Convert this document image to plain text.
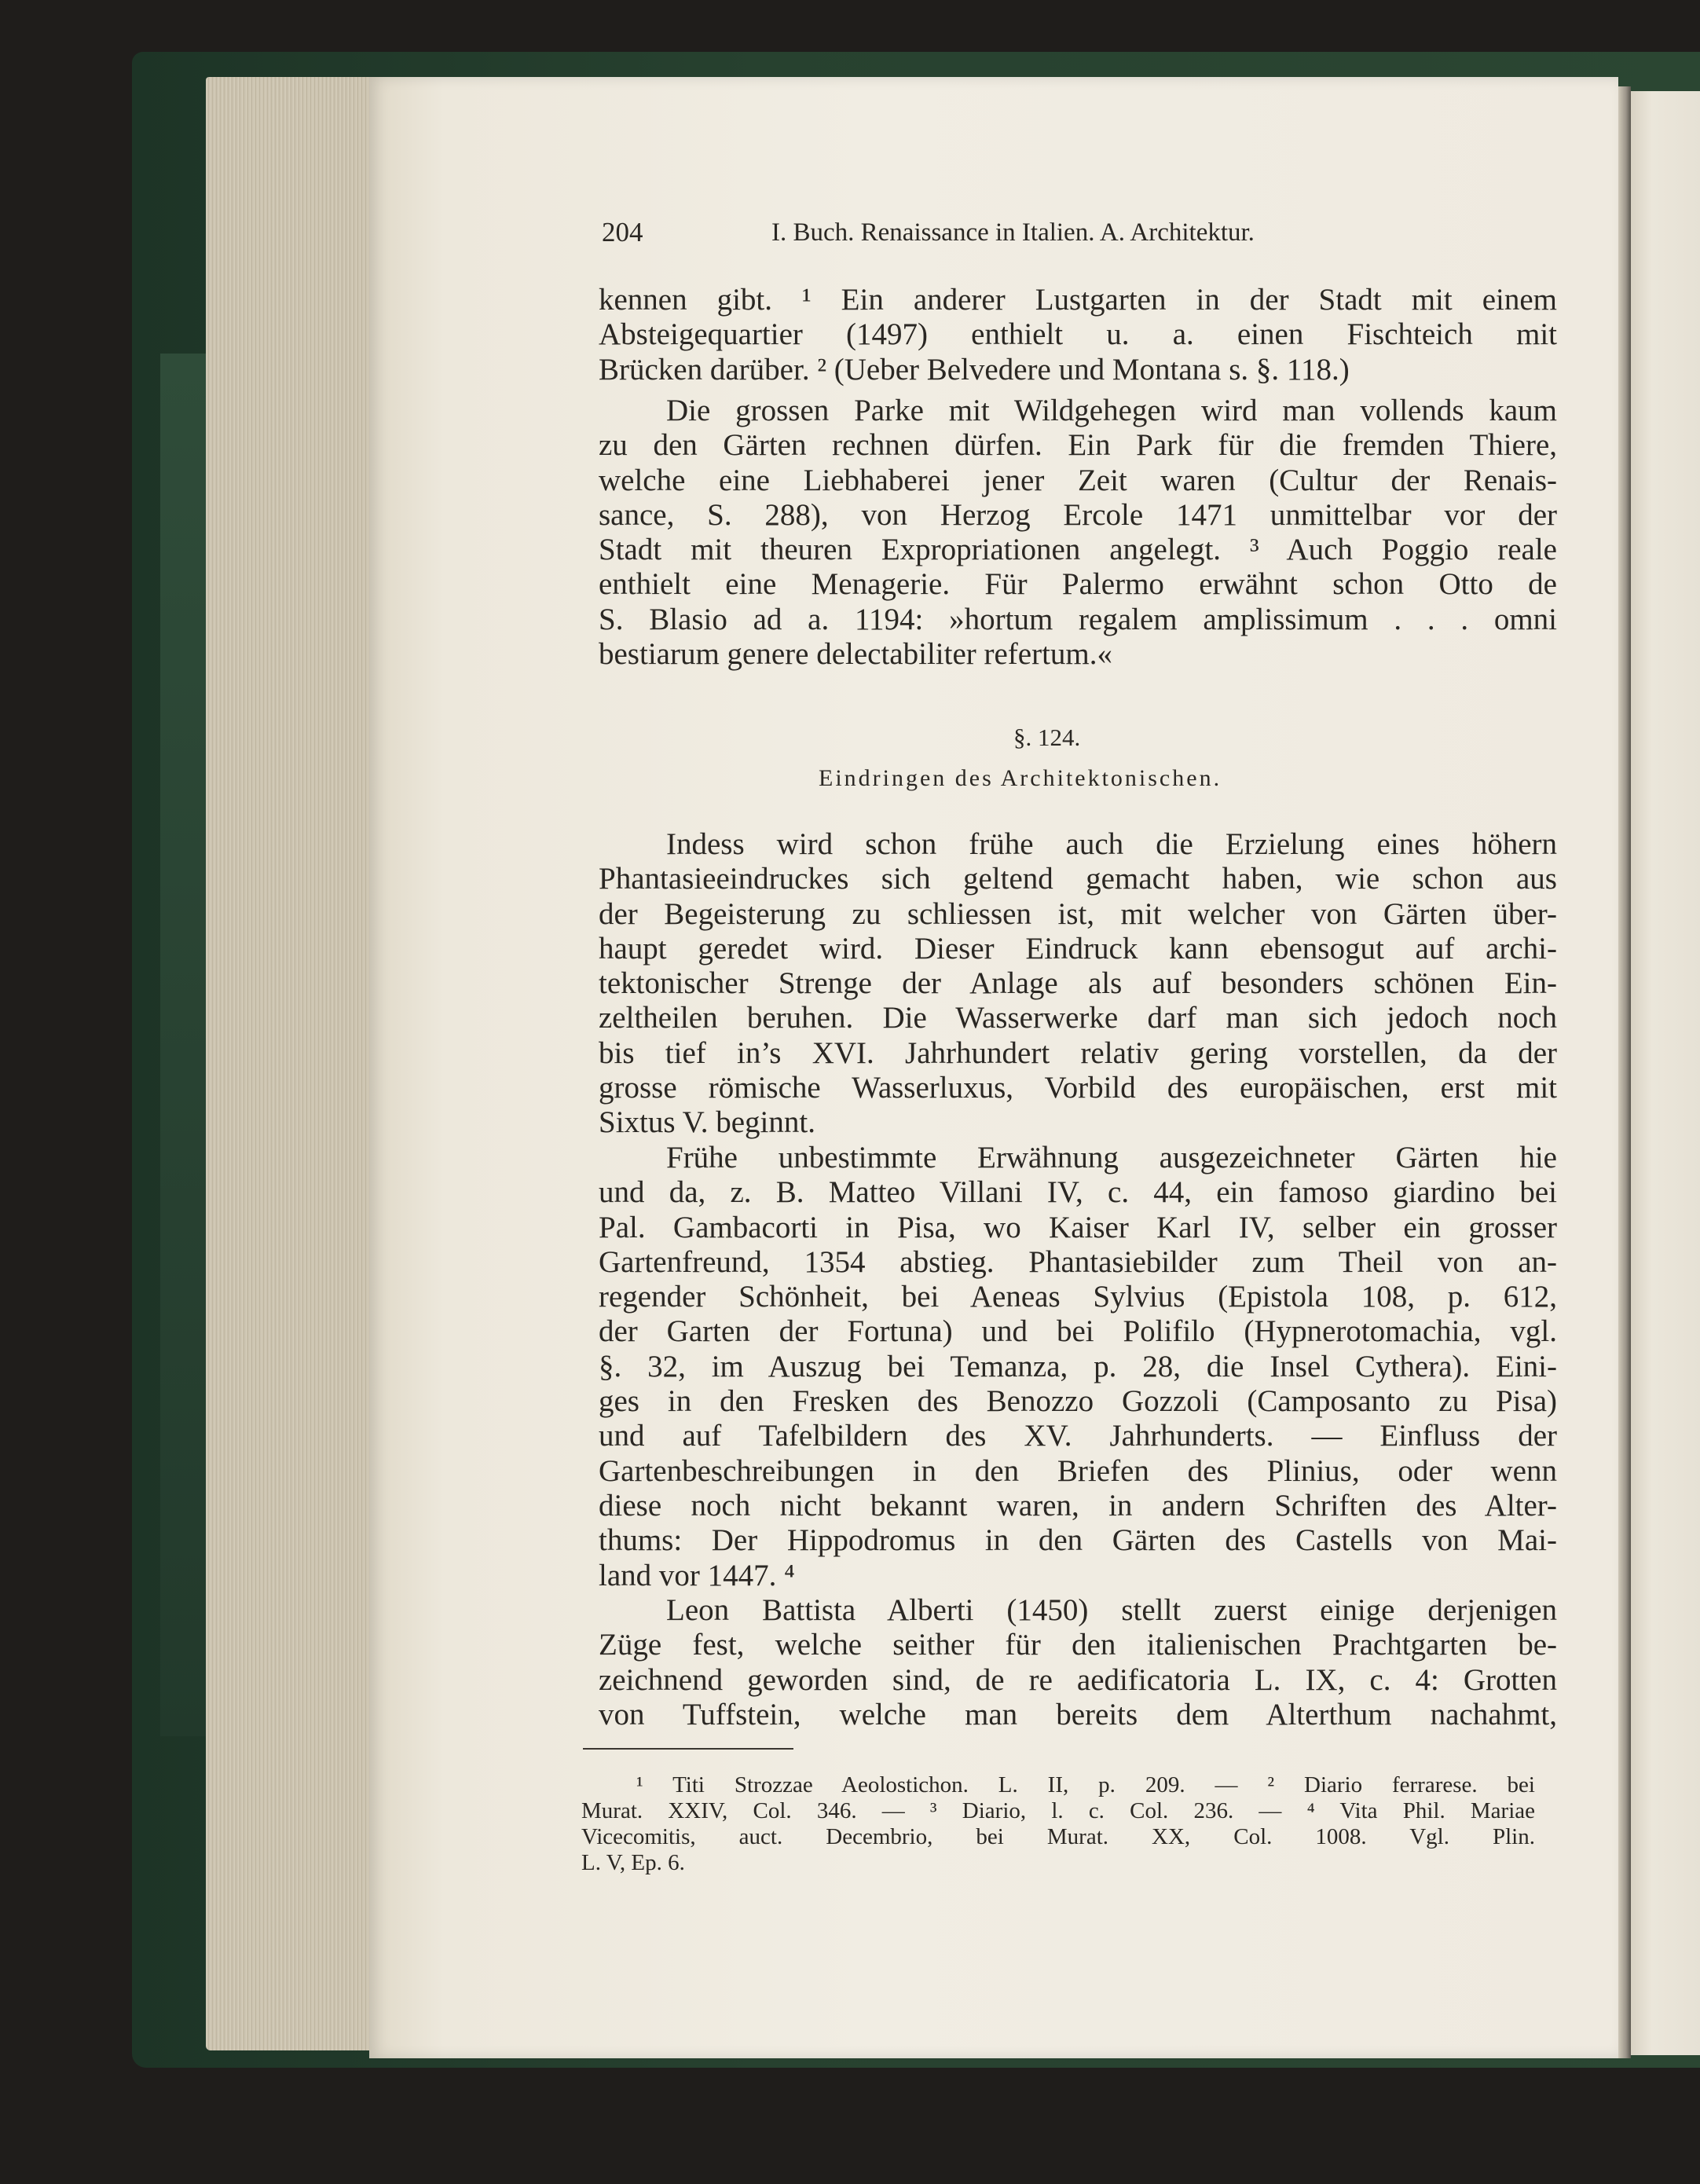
204	I. Buch. Renaissance in Italien. A. Architektur.
kennen gibt. ¹ Ein anderer Lustgarten in der Stadt mit einem
Absteigequartier (1497) enthielt u. a. einen Fischteich mit
Brücken darüber. ² (Ueber Belvedere und Montana s. §. 118.)
Die grossen Parke mit Wildgehegen wird man vollends kaum
zu den Gärten rechnen dürfen. Ein Park für die fremden Thiere,
welche eine Liebhaberei jener Zeit waren (Cultur der Renais-
sance, S. 288), von Herzog Ercole 1471 unmittelbar vor der
Stadt mit theuren Expropriationen angelegt. ³ Auch Poggio reale
enthielt eine Menagerie. Für Palermo erwähnt schon Otto de
S. Blasio ad a. 1194: »hortum regalem amplissimum . . . omni
bestiarum genere delectabiliter refertum.«
§. 124.
Eindringen des Architektonischen.
Indess wird schon frühe auch die Erzielung eines höhern
Phantasieeindruckes sich geltend gemacht haben, wie schon aus
der Begeisterung zu schliessen ist, mit welcher von Gärten über-
haupt geredet wird. Dieser Eindruck kann ebensogut auf archi-
tektonischer Strenge der Anlage als auf besonders schönen Ein-
zeltheilen beruhen. Die Wasserwerke darf man sich jedoch noch
bis tief in’s XVI. Jahrhundert relativ gering vorstellen, da der
grosse römische Wasserluxus, Vorbild des europäischen, erst mit
Sixtus V. beginnt.
Frühe unbestimmte Erwähnung ausgezeichneter Gärten hie
und da, z. B. Matteo Villani IV, c. 44, ein famoso giardino bei
Pal. Gambacorti in Pisa, wo Kaiser Karl IV, selber ein grosser
Gartenfreund, 1354 abstieg. Phantasiebilder zum Theil von an-
regender Schönheit, bei Aeneas Sylvius (Epistola 108, p. 612,
der Garten der Fortuna) und bei Polifilo (Hypnerotomachia, vgl.
§. 32, im Auszug bei Temanza, p. 28, die Insel Cythera). Eini-
ges in den Fresken des Benozzo Gozzoli (Camposanto zu Pisa)
und auf Tafelbildern des XV. Jahrhunderts. — Einfluss der
Gartenbeschreibungen in den Briefen des Plinius, oder wenn
diese noch nicht bekannt waren, in andern Schriften des Alter-
thums: Der Hippodromus in den Gärten des Castells von Mai-
land vor 1447. ⁴
Leon Battista Alberti (1450) stellt zuerst einige derjenigen
Züge fest, welche seither für den italienischen Prachtgarten be-
zeichnend geworden sind, de re aedificatoria L. IX, c. 4: Grotten
von Tuffstein, welche man bereits dem Alterthum nachahmt,
¹ Titi Strozzae Aeolostichon. L. II, p. 209. — ² Diario ferrarese. bei
Murat. XXIV, Col. 346. — ³ Diario, l. c. Col. 236. — ⁴ Vita Phil. Mariae
Vicecomitis, auct. Decembrio, bei Murat. XX, Col. 1008. Vgl. Plin.
L. V, Ep. 6.
